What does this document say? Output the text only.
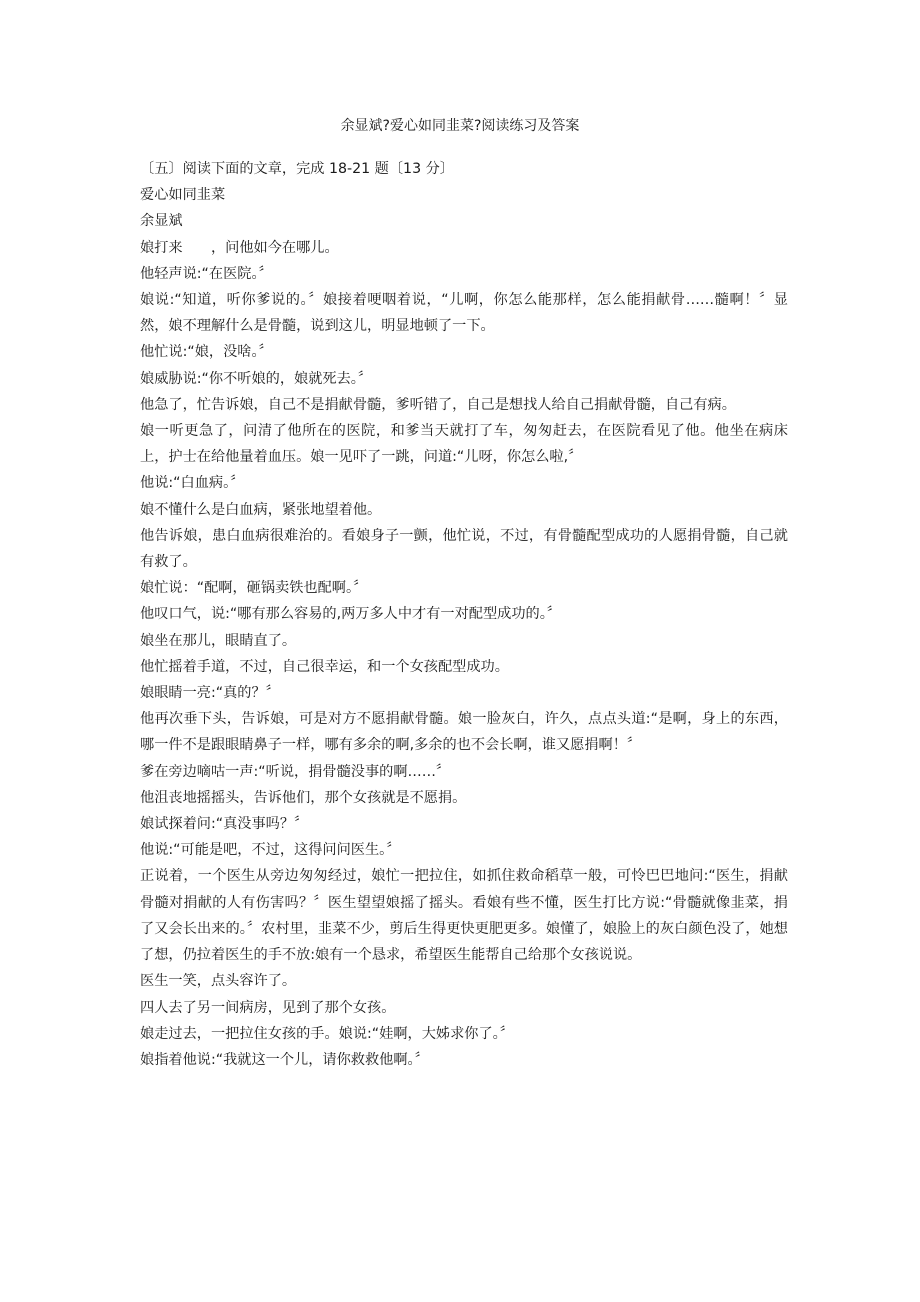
余显斌?爱心如同韭菜?阅读练习及答案

〔五〕阅读下面的文章，完成 18-21 题〔13 分〕

爱心如同韭菜

余显斌

娘打来　　，问他如今在哪儿。

他轻声说:“在医院。〞

娘说:“知道，听你爹说的。〞娘接着哽咽着说，“儿啊，你怎么能那样，怎么能捐献骨……髓啊！〞显然，娘不理解什么是骨髓，说到这儿，明显地顿了一下。

他忙说:“娘，没啥。〞

娘威胁说:“你不听娘的，娘就死去。〞

他急了，忙告诉娘，自己不是捐献骨髓，爹听错了，自己是想找人给自己捐献骨髓，自己有病。

娘一听更急了，问清了他所在的医院，和爹当天就打了车，匆匆赶去，在医院看见了他。他坐在病床上，护士在给他量着血压。娘一见吓了一跳，问道:“儿呀，你怎么啦,〞

他说:“白血病。〞

娘不懂什么是白血病，紧张地望着他。

他告诉娘，患白血病很难治的。看娘身子一颤，他忙说，不过，有骨髓配型成功的人愿捐骨髓，自己就有救了。

娘忙说：“配啊，砸锅卖铁也配啊。〞

他叹口气，说:“哪有那么容易的,两万多人中才有一对配型成功的。〞

娘坐在那儿，眼睛直了。

他忙摇着手道，不过，自己很幸运，和一个女孩配型成功。

娘眼睛一亮:“真的？〞

他再次垂下头，告诉娘，可是对方不愿捐献骨髓。娘一脸灰白，许久，点点头道:“是啊，身上的东西，哪一件不是跟眼睛鼻子一样，哪有多余的啊,多余的也不会长啊，谁又愿捐啊！〞

爹在旁边嘀咕一声:“听说，捐骨髓没事的啊……〞

他沮丧地摇摇头，告诉他们，那个女孩就是不愿捐。

娘试探着问:“真没事吗？〞

他说:“可能是吧，不过，这得问问医生。〞

正说着，一个医生从旁边匆匆经过，娘忙一把拉住，如抓住救命稻草一般，可怜巴巴地问:“医生，捐献骨髓对捐献的人有伤害吗？〞医生望望娘摇了摇头。看娘有些不懂，医生打比方说:“骨髓就像韭菜，捐了又会长出来的。〞农村里，韭菜不少，剪后生得更快更肥更多。娘懂了，娘脸上的灰白颜色没了，她想了想，仍拉着医生的手不放:娘有一个恳求，希望医生能帮自己给那个女孩说说。

医生一笑，点头容许了。

四人去了另一间病房，见到了那个女孩。

娘走过去，一把拉住女孩的手。娘说:“娃啊，大姊求你了。〞

娘指着他说:“我就这一个儿，请你救救他啊。〞
